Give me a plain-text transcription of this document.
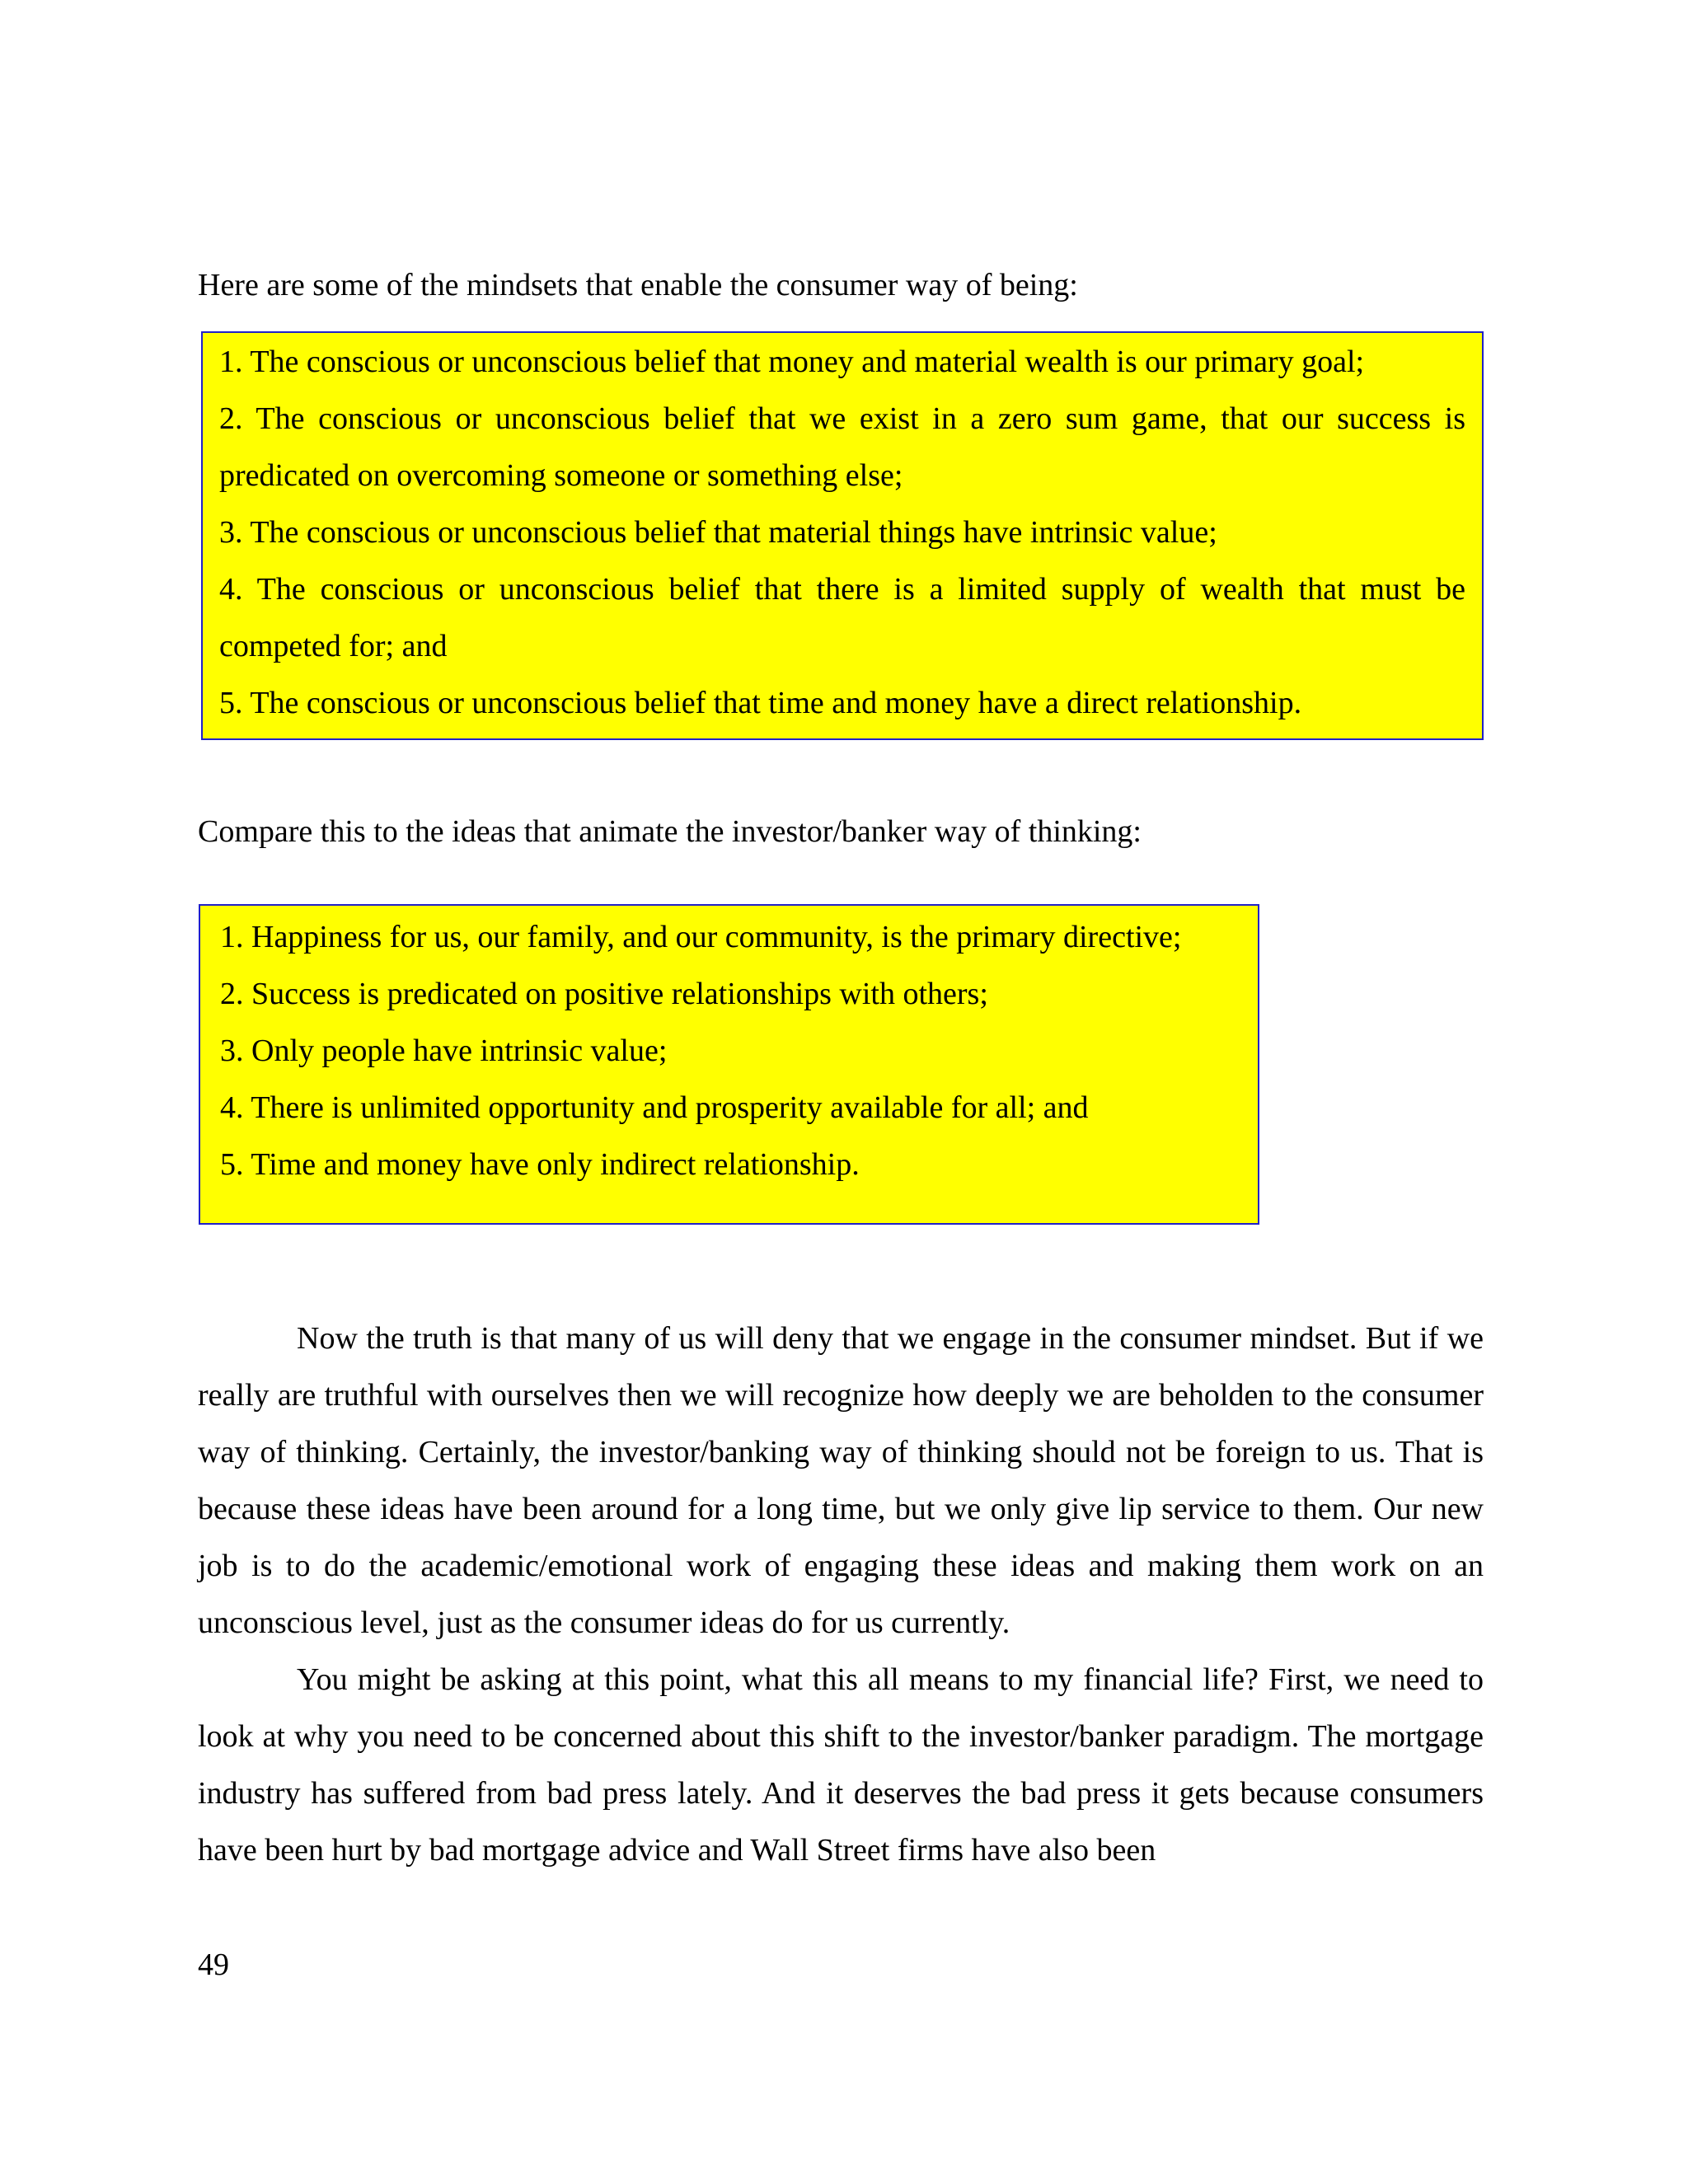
Here are some of the mindsets that enable the consumer way of being:

1. The conscious or unconscious belief that money and material wealth is our primary goal;

2. The conscious or unconscious belief that we exist in a zero sum game, that our success is predicated on overcoming someone or something else;

3. The conscious or unconscious belief that material things have intrinsic value;

4. The conscious or unconscious belief that there is a limited supply of wealth that must be competed for; and

5. The conscious or unconscious belief that time and money have a direct relationship.

Compare this to the ideas that animate the investor/banker way of thinking:

1. Happiness for us, our family, and our community, is the primary directive;

2. Success is predicated on positive relationships with others;

3. Only people have intrinsic value;

4. There is unlimited opportunity and prosperity available for all; and

5. Time and money have only indirect relationship.

Now the truth is that many of us will deny that we engage in the consumer mindset. But if we really are truthful with ourselves then we will recognize how deeply we are beholden to the consumer way of thinking. Certainly, the investor/banking way of thinking should not be foreign to us. That is because these ideas have been around for a long time, but we only give lip service to them. Our new job is to do the academic/emotional work of engaging these ideas and making them work on an unconscious level, just as the consumer ideas do for us currently.

You might be asking at this point, what this all means to my financial life? First, we need to look at why you need to be concerned about this shift to the investor/banker paradigm. The mortgage industry has suffered from bad press lately. And it deserves the bad press it gets because consumers have been hurt by bad mortgage advice and Wall Street firms have also been

49
